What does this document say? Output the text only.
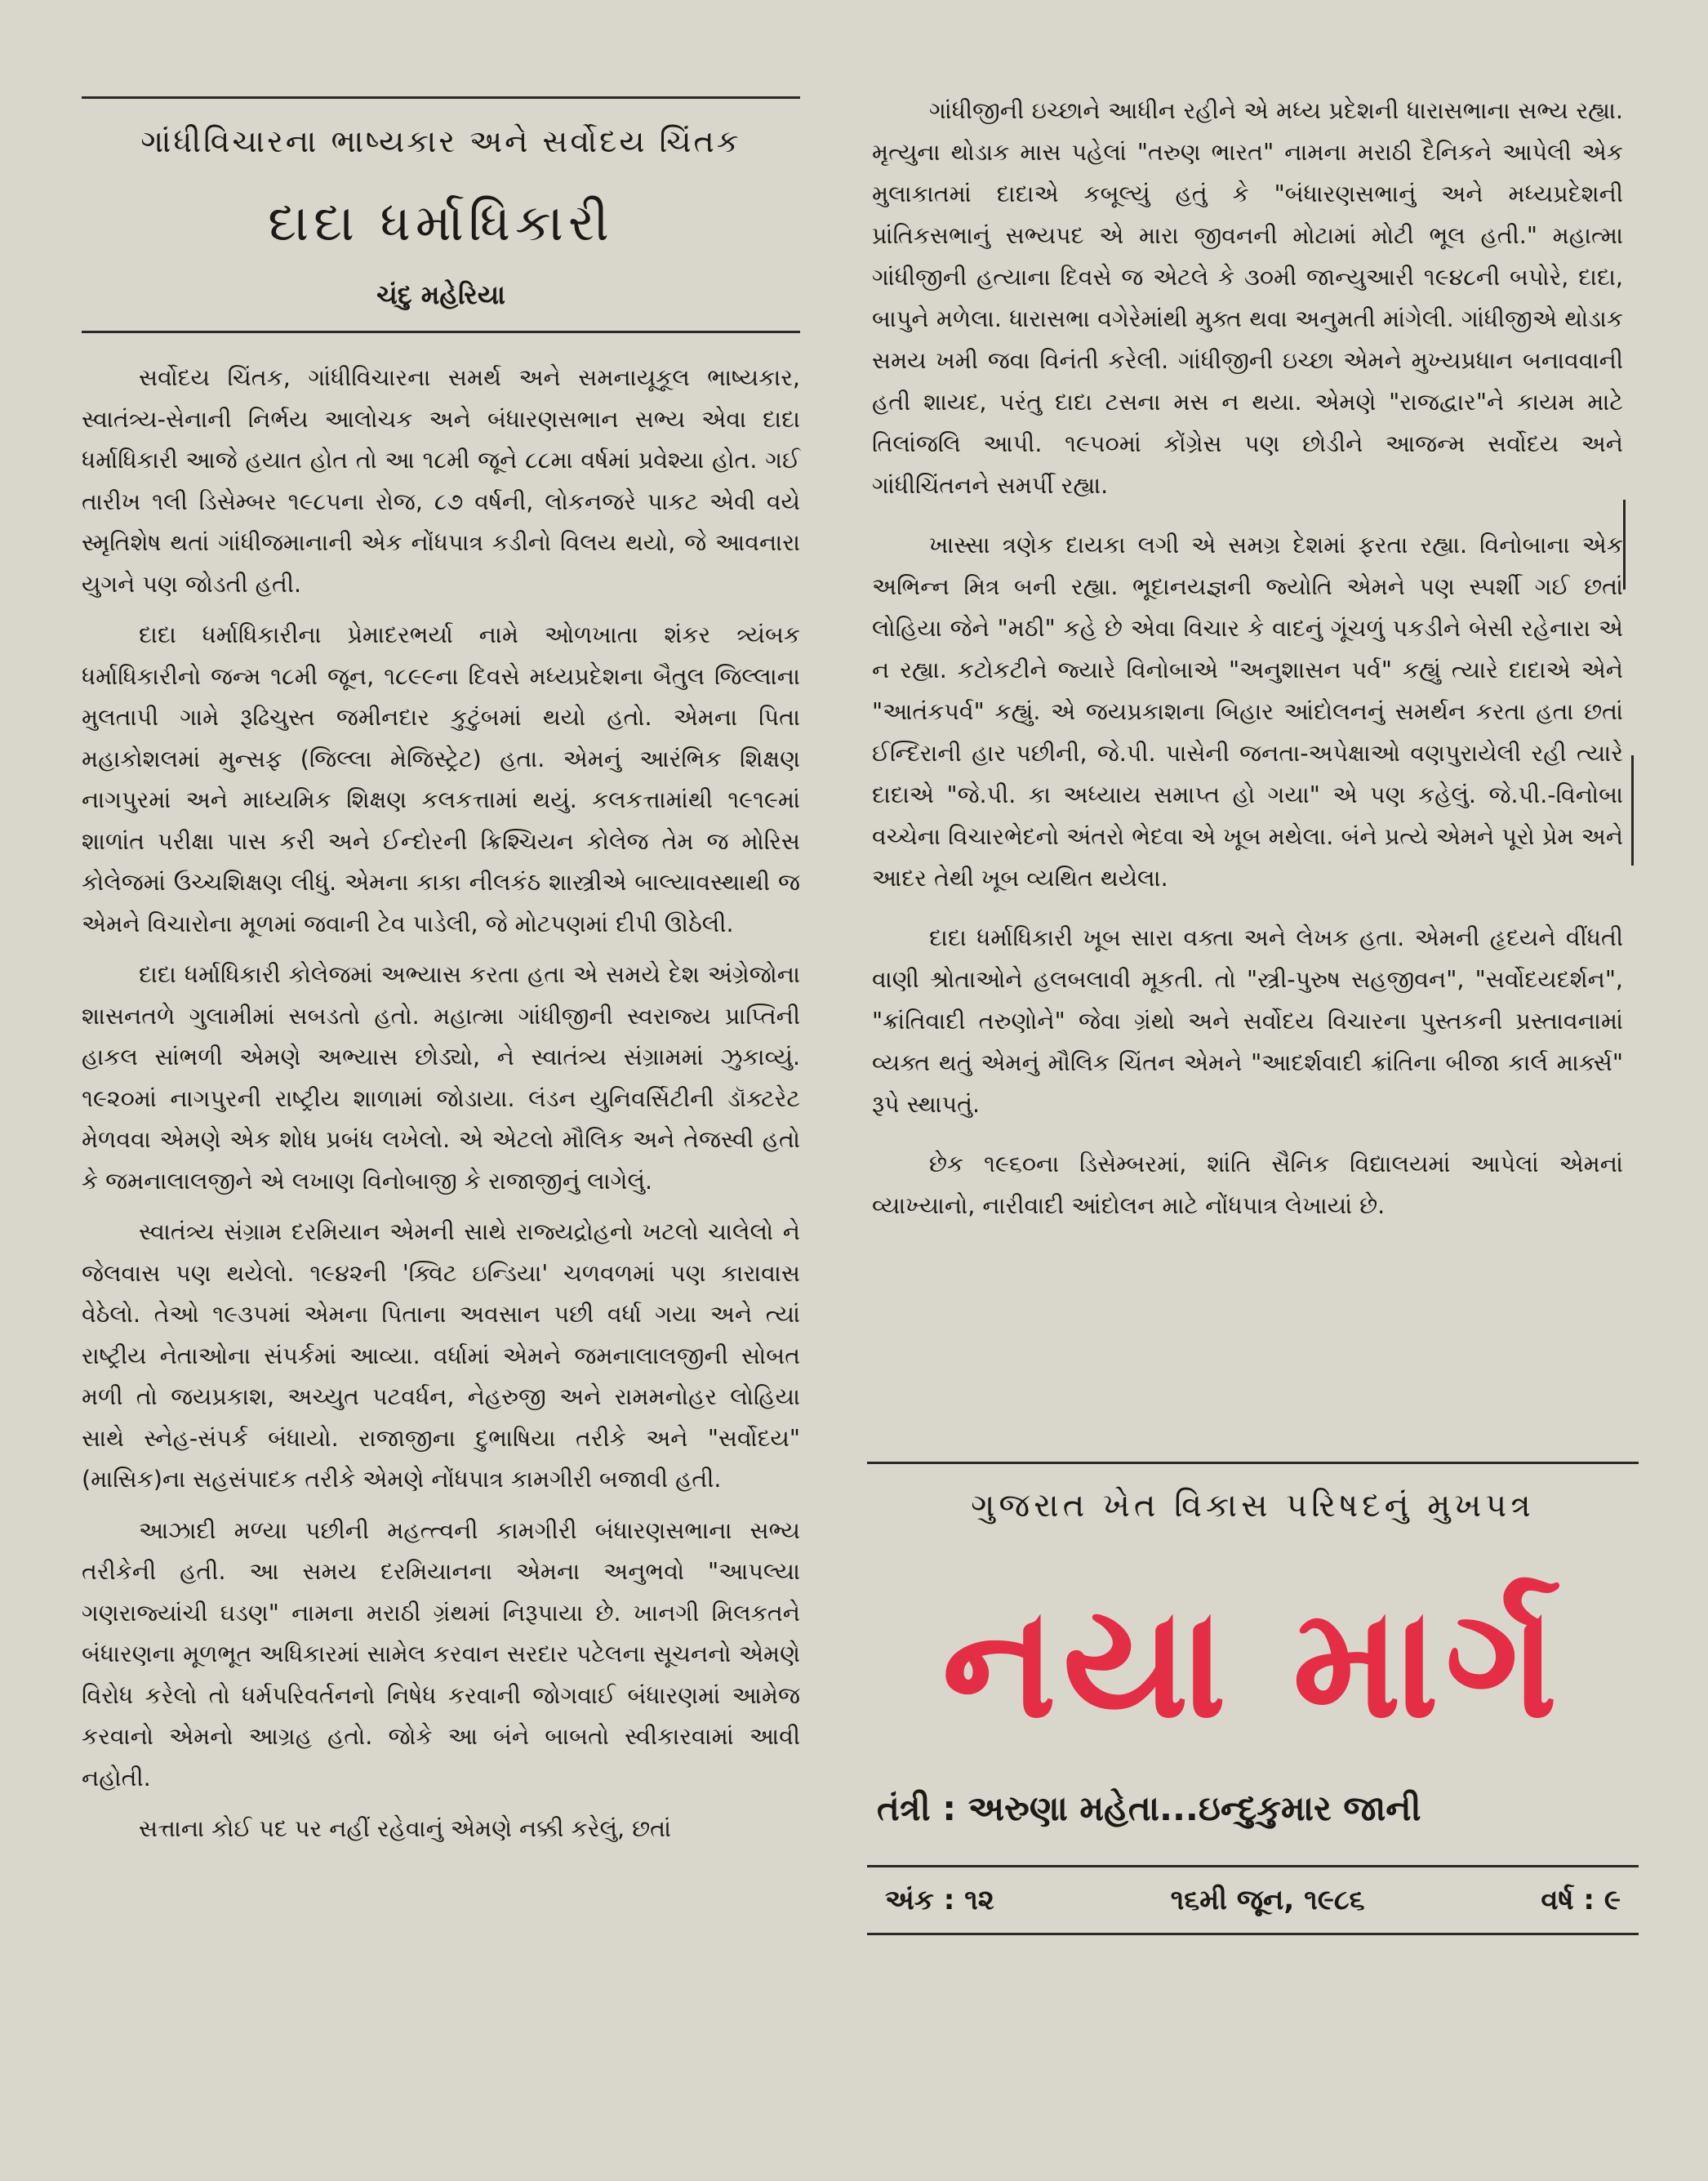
ગાંધીવિચારના ભાષ્યકાર અને સર્વોદય ચિંતક
દાદા ધર્માધિકારી
ચંદુ મહેરિયા

સર્વોદય ચિંતક, ગાંધીવિચારના સમર્થ અને સમનાયૂકૂલ ભાષ્યકાર, સ્વાતંત્ર્ય-સેનાની નિર્ભય આલોચક અને બંધારણસભાન સભ્ય એવા દાદા ધર્માધિકારી આજે હયાત હોત તો આ ૧૮મી જૂને ૮૮મા વર્ષમાં પ્રવેશ્યા હોત. ગઈ તારીખ ૧લી ડિસેમ્બર ૧૯૮૫ના રોજ, ૮૭ વર્ષની, લોકનજરે પાકટ એવી વયે સ્મૃતિશેષ થતાં ગાંધીજમાનાની એક નોંધપાત્ર કડીનો વિલય થયો, જે આવનારા યુગને પણ જોડતી હતી.

દાદા ધર્માધિકારીના પ્રેમાદરભર્યા નામે ઓળખાતા શંકર ત્ર્યંબક ધર્માધિકારીનો જન્મ ૧૮મી જૂન, ૧૮૯૯ના દિવસે મધ્યપ્રદેશના બૈતુલ જિલ્લાના મુલતાપી ગામે રૂઢિચુસ્ત જમીનદાર કુટુંબમાં થયો હતો. એમના પિતા મહાકોશલમાં મુન્સફ (જિલ્લા મેજિસ્ટ્રેટ) હતા. એમનું આરંભિક શિક્ષણ નાગપુરમાં અને માધ્યમિક શિક્ષણ કલકત્તામાં થયું. કલકત્તામાંથી ૧૯૧૯માં શાળાંત પરીક્ષા પાસ કરી અને ઈન્દોરની ક્રિશ્ચિયન કોલેજ તેમ જ મોરિસ કોલેજમાં ઉચ્ચશિક્ષણ લીધું. એમના કાકા નીલકંઠ શાસ્ત્રીએ બાલ્યાવસ્થાથી જ એમને વિચારોના મૂળમાં જવાની ટેવ પાડેલી, જે મોટપણમાં દીપી ઊઠેલી.

દાદા ધર્માધિકારી કોલેજમાં અભ્યાસ કરતા હતા એ સમયે દેશ અંગ્રેજોના શાસનતળે ગુલામીમાં સબડતો હતો. મહાત્મા ગાંધીજીની સ્વરાજ્ય પ્રાપ્તિની હાકલ સાંભળી એમણે અભ્યાસ છોડ્યો, ને સ્વાતંત્ર્ય સંગ્રામમાં ઝુકાવ્યું. ૧૯૨૦માં નાગપુરની રાષ્ટ્રીય શાળામાં જોડાયા. લંડન યુનિવર્સિટીની ડૉક્ટરેટ મેળવવા એમણે એક શોધ પ્રબંધ લખેલો. એ એટલો મૌલિક અને તેજસ્વી હતો કે જમનાલાલજીને એ લખાણ વિનોબાજી કે રાજાજીનું લાગેલું.

સ્વાતંત્ર્ય સંગ્રામ દરમિયાન એમની સાથે રાજ્યદ્રોહનો ખટલો ચાલેલો ને જેલવાસ પણ થયેલો. ૧૯૪૨ની 'ક્વિટ ઇન્ડિયા' ચળવળમાં પણ કારાવાસ વેઠેલો. તેઓ ૧૯૩૫માં એમના પિતાના અવસાન પછી વર્ધા ગયા અને ત્યાં રાષ્ટ્રીય નેતાઓના સંપર્કમાં આવ્યા. વર્ધામાં એમને જમનાલાલજીની સોબત મળી તો જયપ્રકાશ, અચ્યુત પટવર્ધન, નેહરુજી અને રામમનોહર લોહિયા સાથે સ્નેહ-સંપર્ક બંધાયો. રાજાજીના દુભાષિયા તરીકે અને "સર્વોદય" (માસિક)ના સહસંપાદક તરીકે એમણે નોંધપાત્ર કામગીરી બજાવી હતી.

આઝાદી મળ્યા પછીની મહત્ત્વની કામગીરી બંધારણસભાના સભ્ય તરીકેની હતી. આ સમય દરમિયાનના એમના અનુભવો "આપલ્યા ગણરાજ્યાંચી ઘડણ" નામના મરાઠી ગ્રંથમાં નિરૂપાયા છે. ખાનગી મિલકતને બંધારણના મૂળભૂત અધિકારમાં સામેલ કરવાન સરદાર પટેલના સૂચનનો એમણે વિરોધ કરેલો તો ધર્મપરિવર્તનનો નિષેધ કરવાની જોગવાઈ બંધારણમાં આમેજ કરવાનો એમનો આગ્રહ હતો. જોકે આ બંને બાબતો સ્વીકારવામાં આવી નહોતી.

સત્તાના કોઈ પદ પર નહીં રહેવાનું એમણે નક્કી કરેલું, છતાં

ગાંધીજીની ઇચ્છાને આધીન રહીને એ મધ્ય પ્રદેશની ધારાસભાના સભ્ય રહ્યા. મૃત્યુના થોડાક માસ પહેલાં "તરુણ ભારત" નામના મરાઠી દૈનિકને આપેલી એક મુલાકાતમાં દાદાએ કબૂલ્યું હતું કે "બંધારણસભાનું અને મધ્યપ્રદેશની પ્રાંતિકસભાનું સભ્યપદ એ મારા જીવનની મોટામાં મોટી ભૂલ હતી." મહાત્મા ગાંધીજીની હત્યાના દિવસે જ એટલે કે ૩૦મી જાન્યુઆરી ૧૯૪૮ની બપોરે, દાદા, બાપુને મળેલા. ધારાસભા વગેરેમાંથી મુક્ત થવા અનુમતી માંગેલી. ગાંધીજીએ થોડાક સમય ખમી જવા વિનંતી કરેલી. ગાંધીજીની ઇચ્છા એમને મુખ્યપ્રધાન બનાવવાની હતી શાયદ, પરંતુ દાદા ટસના મસ ન થયા. એમણે "રાજદ્વાર"ને કાયમ માટે તિલાંજલિ આપી. ૧૯૫૦માં કોંગ્રેસ પણ છોડીને આજન્મ સર્વોદય અને ગાંધીચિંતનને સમર્પી રહ્યા.

ખાસ્સા ત્રણેક દાયકા લગી એ સમગ્ર દેશમાં ફરતા રહ્યા. વિનોબાના એક અભિન્ન મિત્ર બની રહ્યા. ભૂદાનયજ્ઞની જ્યોતિ એમને પણ સ્પર્શી ગઈ છતાં લોહિયા જેને "મઠી" કહે છે એવા વિચાર કે વાદનું ગૂંચળું પકડીને બેસી રહેનારા એ ન રહ્યા. કટોકટીને જ્યારે વિનોબાએ "અનુશાસન પર્વ" કહ્યું ત્યારે દાદાએ એને "આતંકપર્વ" કહ્યું. એ જયપ્રકાશના બિહાર આંદોલનનું સમર્થન કરતા હતા છતાં ઈન્દિરાની હાર પછીની, જે.પી. પાસેની જનતા-અપેક્ષાઓ વણપુરાયેલી રહી ત્યારે દાદાએ "જે.પી. કા અધ્યાય સમાપ્ત હો ગયા" એ પણ કહેલું. જે.પી.-વિનોબા વચ્ચેના વિચારભેદનો અંતરો ભેદવા એ ખૂબ મથેલા. બંને પ્રત્યે એમને પૂરો પ્રેમ અને આદર તેથી ખૂબ વ્યથિત થયેલા.

દાદા ધર્માધિકારી ખૂબ સારા વક્તા અને લેખક હતા. એમની હૃદયને વીંધતી વાણી શ્રોતાઓને હલબલાવી મૂકતી. તો "સ્ત્રી-પુરુષ સહજીવન", "સર્વોદયદર્શન", "ક્રાંતિવાદી તરુણોને" જેવા ગ્રંથો અને સર્વોદય વિચારના પુસ્તકની પ્રસ્તાવનામાં વ્યક્ત થતું એમનું મૌલિક ચિંતન એમને "આદર્શવાદી ક્રાંતિના બીજા કાર્લ માર્ક્સ" રૂપે સ્થાપતું.

છેક ૧૯૬૦ના ડિસેમ્બરમાં, શાંતિ સૈનિક વિદ્યાલયમાં આપેલાં એમનાં વ્યાખ્યાનો, નારીવાદી આંદોલન માટે નોંધપાત્ર લેખાયાં છે.

ગુજરાત ખેત વિકાસ પરિષદનું મુખપત્ર
નયા માર્ગ
તંત્રી : અરુણા મહેતા...ઇન્દુકુમાર જાની
અંક : ૧૨	૧૬મી જૂન, ૧૯૮૬	વર્ષ : ૯
